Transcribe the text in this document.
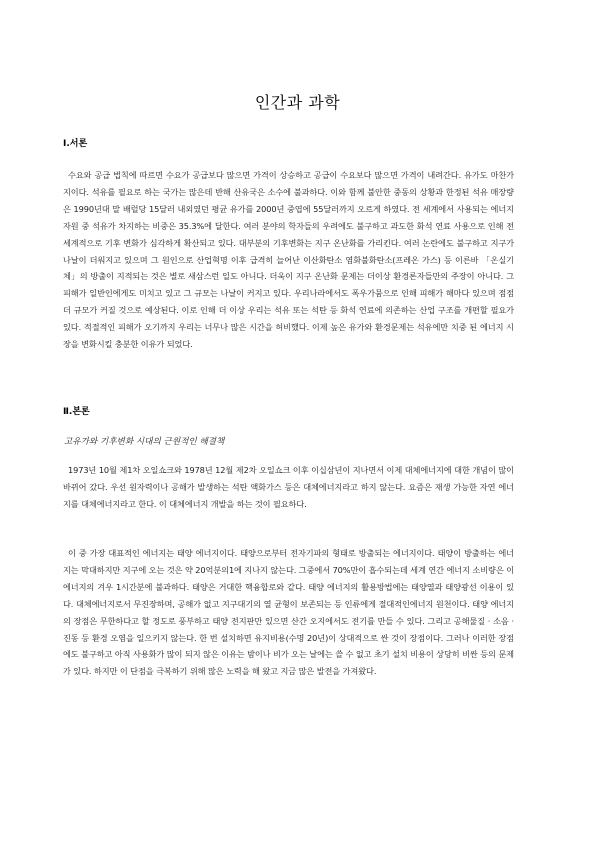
인간과 과학
Ⅰ.서론

수요와 공급 법칙에 따르면 수요가 공급보다 많으면 가격이 상승하고 공급이 수요보다 많으면 가격이 내려간다. 유가도 마찬가지이다. 석유를 필요로 하는 국가는 많은데 반해 산유국은 소수에 불과하다. 이와 함께 불안한 중동의 상황과 한정된 석유 매장량은 1990년대 말 배럴당 15달러 내외였던 평균 유가를 2000년 중엽에 55달러까지 오르게 하였다. 전 세계에서 사용되는 에너지 자원 중 석유가 차지하는 비중은 35.3%에 달한다. 여러 분야의 학자들의 우려에도 불구하고 과도한 화석 연료 사용으로 인해 전 세계적으로 기후 변화가 심각하게 확산되고 있다. 대부분의 기후변화는 지구 온난화를 가리킨다. 여러 논란에도 불구하고 지구가 나날이 더워지고 있으며 그 원인으로 산업혁명 이후 급격히 늘어난 이산화탄소 염화불화탄소(프레온 가스) 등 이른바 「온실기체」의 방출이 지적되는 것은 별로 새삼스런 일도 아니다. 더욱이 지구 온난화 문제는 더이상 환경론자들만의 주장이 아니다. 그 피해가 일반인에게도 미치고 있고 그 규모는 나날이 커지고 있다. 우리나라에서도 폭우가뭄으로 인해 피해가 해마다 있으며 점점 더 규모가 커질 것으로 예상된다. 이로 인해 더 이상 우리는 석유 또는 석탄 등 화석 연료에 의존하는 산업 구조를 개편할 필요가 있다. 적절적인 피해가 오기까지 우리는 너무나 많은 시간을 허비했다. 이제 높은 유가와 환경문제는 석유에만 치중 된 에너지 시장을 변화시킬 충분한 이유가 되었다.

Ⅱ.본론
고유가와 기후변화 시대의 근원적인 해결책

1973년 10월 제1차 오일쇼크와 1978년 12월 제2차 오일쇼크 이후 이십삼년이 지나면서 이제 대체에너지에 대한 개념이 많이 바뀌어 갔다. 우선 원자력이나 공해가 발생하는 석탄 액화가스 등은 대체에너지라고 하지 않는다. 요즘은 재생 가능한 자연 에너지를 대체에너지라고 한다. 이 대체에너지 개발을 하는 것이 필요하다.

이 중 가장 대표적인 에너지는 태양 에너지이다. 태양으로부터 전자기파의 형태로 방출되는 에너지이다. 태양이 방출하는 에너지는 막대하지만 지구에 오는 것은 약 20억분의1에 지나지 않는다. 그중에서 70%만이 흡수되는데 세계 연간 에너지 소비량은 이 에너지의 겨우 1시간분에 불과하다. 태양은 거대한 핵융합로와 같다. 태양 에너지의 활용방법에는 태양열과 태양광선 이용이 있다. 대체에너지로서 무진장하며, 공해가 없고 지구대기의 열 균형이 보존되는 등 인류에게 절대적인에너지 원천이다. 태양 에너지의 장점은 무한하다고 할 정도로 풍부하고 태양 전지판만 있으면 산간 오지에서도 전기를 만들 수 있다. 그리고 공해물질 · 소음 · 진동 등 환경 오염을 일으키지 않는다. 한 번 설치하면 유지비용(수명 20년)이 상대적으로 싼 것이 장점이다. 그러나 이러한 장점에도 불구하고 아직 사용화가 많이 되지 않은 이유는 밤이나 비가 오는 날에는 쓸 수 없고 초기 설치 비용이 상당히 비싼 등의 문제가 있다. 하지만 이 단점을 극복하기 위해 많은 노력을 해 왔고 지금 많은 발전을 가져왔다.
